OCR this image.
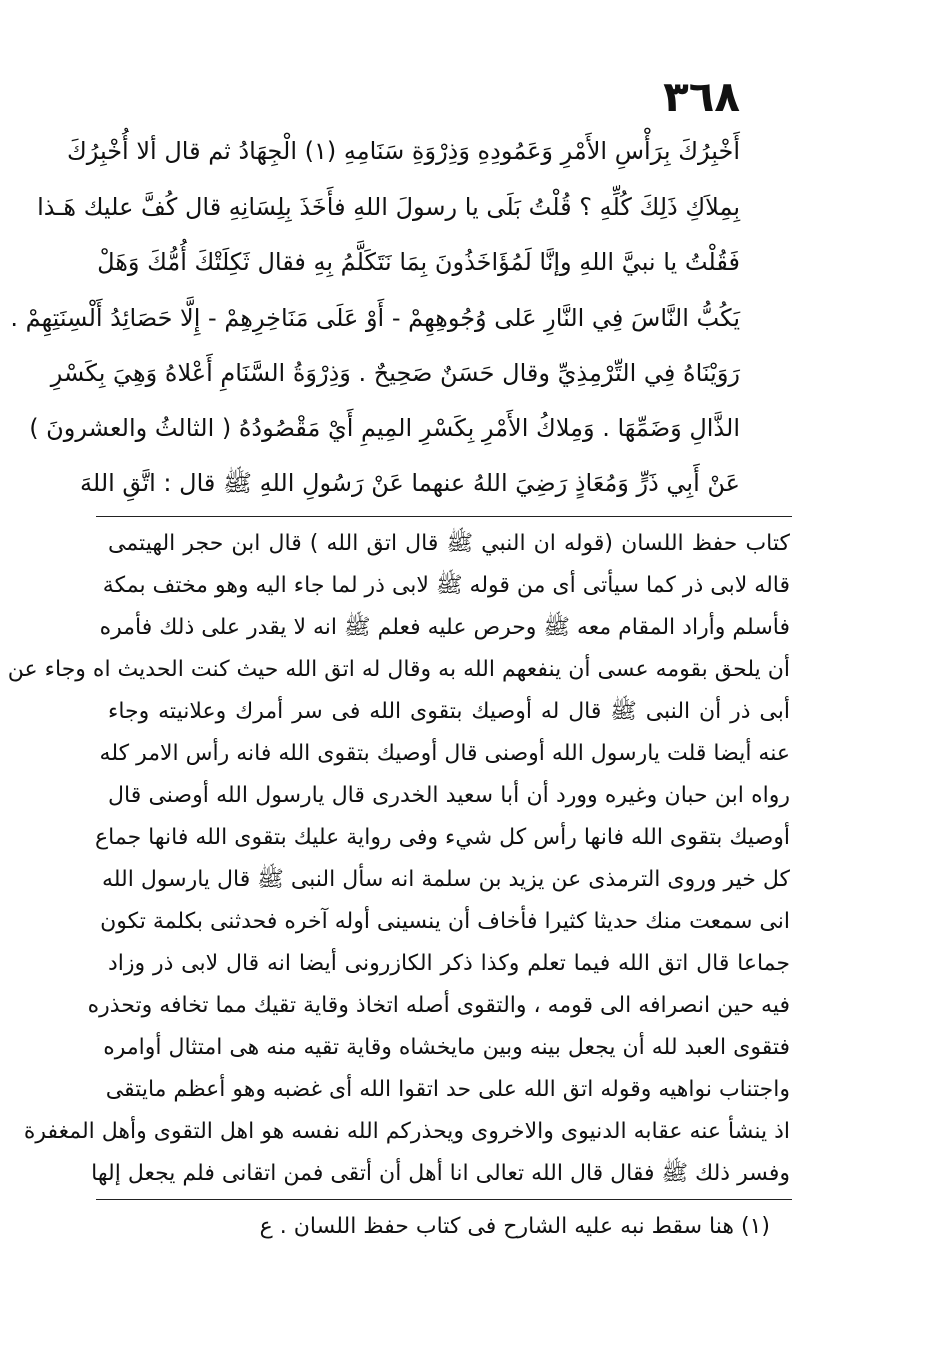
٣٦٨
أَخْبِرُكَ بِرَأْسِ الأَمْرِ وَعَمُودِهِ وَذِرْوَةِ سَنَامِهِ (١) الْجِهَادُ ثم قال ألا أُخْبِرُكَ
بِمِلاَكِ ذَلِكَ كُلِّهِ ؟ قُلْتُ بَلَى يا رسولَ اللهِ فأَخَذَ بِلِسَانِهِ قال كُفَّ عليك هَـذا
فَقُلْتُ يا نبيَّ اللهِ وإنَّا لَمُؤَاخَذُونَ بِمَا نَتَكَلَّمُ بِهِ فقال ثَكِلَتْكَ أُمُّكَ وَهَلْ
يَكُبُّ النَّاسَ فِي النَّارِ عَلى وُجُوهِهِمْ - أَوْ عَلَى مَنَاخِرِهِمْ - إِلَّا حَصَائِدُ أَلْسِنَتِهِمْ .
رَوَيْنَاهُ فِي التِّرْمِذِيِّ وقال حَسَنٌ صَحِيحٌ . وَذِرْوَةُ السَّنَامِ أَعْلاهُ وَهِيَ بِكَسْرِ
الذَّالِ وَضَمِّهَا . وَمِلاكُ الأَمْرِ بِكَسْرِ المِيمِ أَيْ مَقْصُودُهُ ( الثالثُ والعشرونَ )
عَنْ أَبِي ذَرٍّ وَمُعَاذٍ رَضِيَ اللهُ عنهما عَنْ رَسُولِ اللهِ ﷺ قال : اتَّقِ اللهَ
كتاب حفظ اللسان (قوله ان النبي ﷺ قال اتق الله ) قال ابن حجر الهيتمى
قاله لابى ذر كما سيأتى أى من قوله ﷺ لابى ذر لما جاء اليه وهو مختف بمكة
فأسلم وأراد المقام معه ﷺ وحرص عليه فعلم ﷺ انه لا يقدر على ذلك فأمره
أن يلحق بقومه عسى أن ينفعهم الله به وقال له اتق الله حيث كنت الحديث اه وجاء عن
أبى ذر أن النبى ﷺ قال له أوصيك بتقوى الله فى سر أمرك وعلانيته وجاء
عنه أيضا قلت يارسول الله أوصنى قال أوصيك بتقوى الله فانه رأس الامر كله
رواه ابن حبان وغيره وورد أن أبا سعيد الخدرى قال يارسول الله أوصنى قال
أوصيك بتقوى الله فانها رأس كل شيء وفى رواية عليك بتقوى الله فانها جماع
كل خير وروى الترمذى عن يزيد بن سلمة انه سأل النبى ﷺ قال يارسول الله
انى سمعت منك حديثا كثيرا فأخاف أن ينسينى أوله آخره فحدثنى بكلمة تكون
جماعا قال اتق الله فيما تعلم وكذا ذكر الكازرونى أيضا انه قال لابى ذر وزاد
فيه حين انصرافه الى قومه ، والتقوى أصله اتخاذ وقاية تقيك مما تخافه وتحذره
فتقوى العبد لله أن يجعل بينه وبين مايخشاه وقاية تقيه منه هى امتثال أوامره
واجتناب نواهيه وقوله اتق الله على حد اتقوا الله أى غضبه وهو أعظم مايتقى
اذ ينشأ عنه عقابه الدنيوى والاخروى ويحذركم الله نفسه هو اهل التقوى وأهل المغفرة
وفسر ذلك ﷺ فقال قال الله تعالى انا أهل أن أتقى فمن اتقانى فلم يجعل إلها
(١) هنا سقط نبه عليه الشارح فى كتاب حفظ اللسان . ع
